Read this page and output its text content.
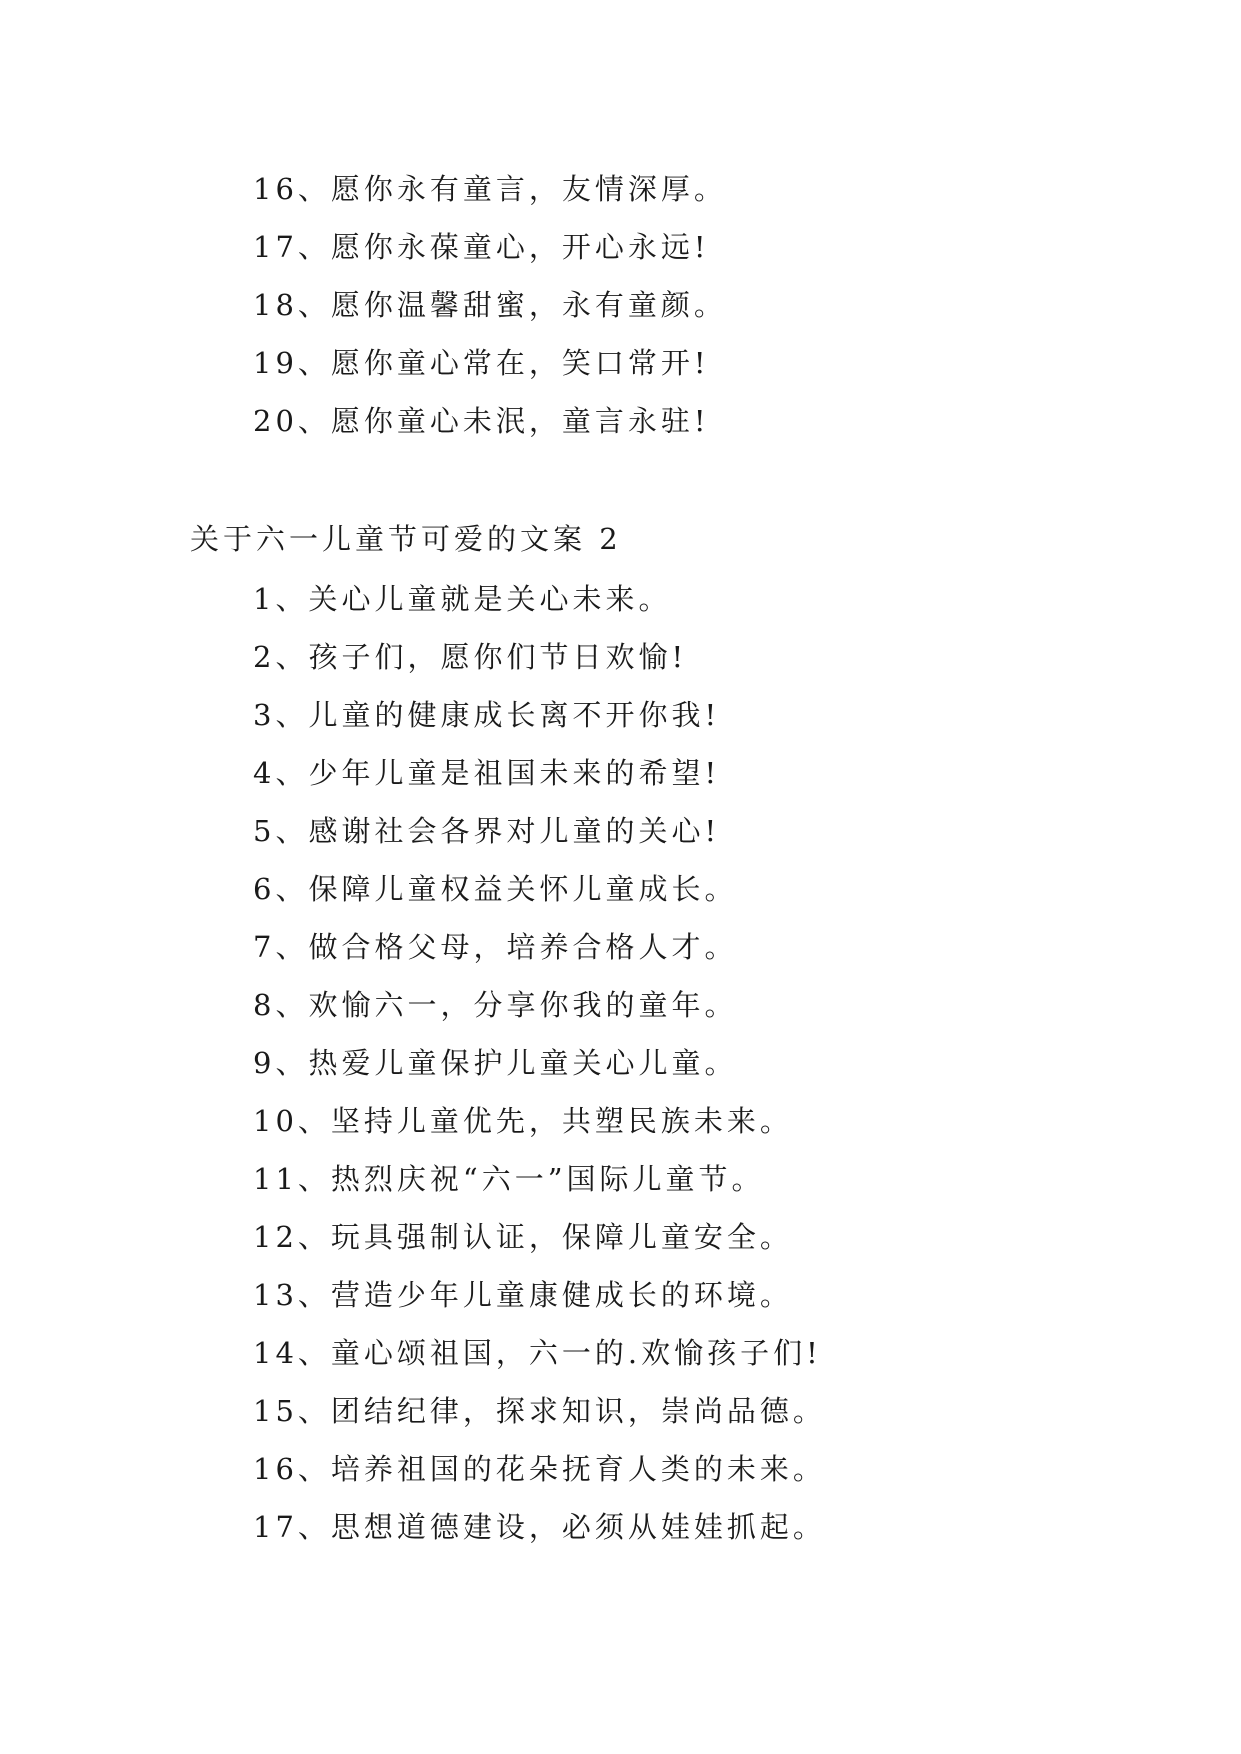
16、愿你永有童言，友情深厚。
17、愿你永葆童心，开心永远!
18、愿你温馨甜蜜，永有童颜。
19、愿你童心常在，笑口常开!
20、愿你童心未泯，童言永驻!
关于六一儿童节可爱的文案 2
1、关心儿童就是关心未来。
2、孩子们，愿你们节日欢愉!
3、儿童的健康成长离不开你我!
4、少年儿童是祖国未来的希望!
5、感谢社会各界对儿童的关心!
6、保障儿童权益关怀儿童成长。
7、做合格父母，培养合格人才。
8、欢愉六一，分享你我的童年。
9、热爱儿童保护儿童关心儿童。
10、坚持儿童优先，共塑民族未来。
11、热烈庆祝“六一”国际儿童节。
12、玩具强制认证，保障儿童安全。
13、营造少年儿童康健成长的环境。
14、童心颂祖国，六一的.欢愉孩子们!
15、团结纪律，探求知识，崇尚品德。
16、培养祖国的花朵抚育人类的未来。
17、思想道德建设，必须从娃娃抓起。
